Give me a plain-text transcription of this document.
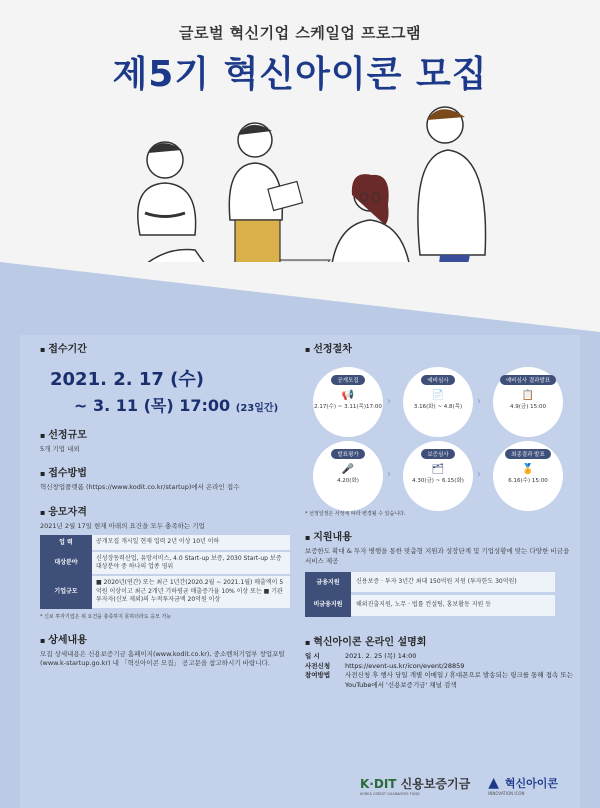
글로벌 혁신기업 스케일업 프로그램
제5기 혁신아이콘 모집
▪ 접수기간
2021. 2. 17 (수)
~ 3. 11 (목) 17:00 (23일간)
▪ 선정규모
5개 기업 내외
▪ 접수방법
혁신창업플랫폼 (https://www.kodit.co.kr/startup)에서 온라인 접수
▪ 응모자격
2021년 2월 17일 현재 아래의 요건을 모두 충족하는 기업
업 력	공개모집 개시일 현재 업력 2년 이상 10년 이하
대상분야	신성장동력산업, 유망서비스, 4.0 Start-up 보증, 2030 Start-up 보증 대상분야 중 하나의 업종 영위
기업규모	■ 2020년(연간) 또는 최근 1년간(2020.2월 ~ 2021.1월) 매출액이 5억원 이상이고 최근 2개년 기하평균 매출증가율 10% 이상 또는 ■ 기관투자자(신보 제외)의 누적투자금액 20억원 이상
* 신보 투자기업은 위 요건을 충족하지 못하더라도 응모 가능
▪ 상세내용
모집 상세내용은 신용보증기금 홈페이지(www.kodit.co.kr), 중소벤처기업부 창업포털(www.k-startup.go.kr) 내 「혁신아이콘 모집」 공고문을 참고하시기 바랍니다.
▪ 선정절차
공개모집
📢
2.17(수) ~ 3.11(목)17:00 ›
예비심사
📄
3.16(화) ~ 4.8(목)	›
예비심사 결과발표
📋
4.9(금) 15:00
발표평가
🎤
4.20(화)
›
보증심사
🗂
4.30(금) ~ 6.15(화)
›
최종결과 발표
🏅
6.16(수) 15:00
* 선정일정은 사정에 따라 변경될 수 있습니다.
▪ 지원내용
보증한도 확대 & 투자 병행을 통한 맞춤형 지원과 성장단계 및 기업상황에 맞는 다양한 비금융 서비스 제공
금융지원	신용보증 · 투자 3년간 최대 150억원 지원 (투자한도 30억원)
비금융지원	해외진출지원, 노무 · 법률 컨설팅, 홍보활동 지원 등
▪ 혁신아이콘 온라인 설명회
일 시	2021. 2. 25 (목) 14:00
사전신청	https://event-us.kr/icon/event/28859
참여방법	사전신청 후 행사 당일 개별 이메일 / 휴대폰으로 발송되는 링크를 통해 접속 또는 YouTube에서 '신용보증기금' 채널 검색
K·DIT 신용보증기금
KOREA CREDIT GUARANTEE FUND
▲ 혁신아이콘
INNOVATION ICON
